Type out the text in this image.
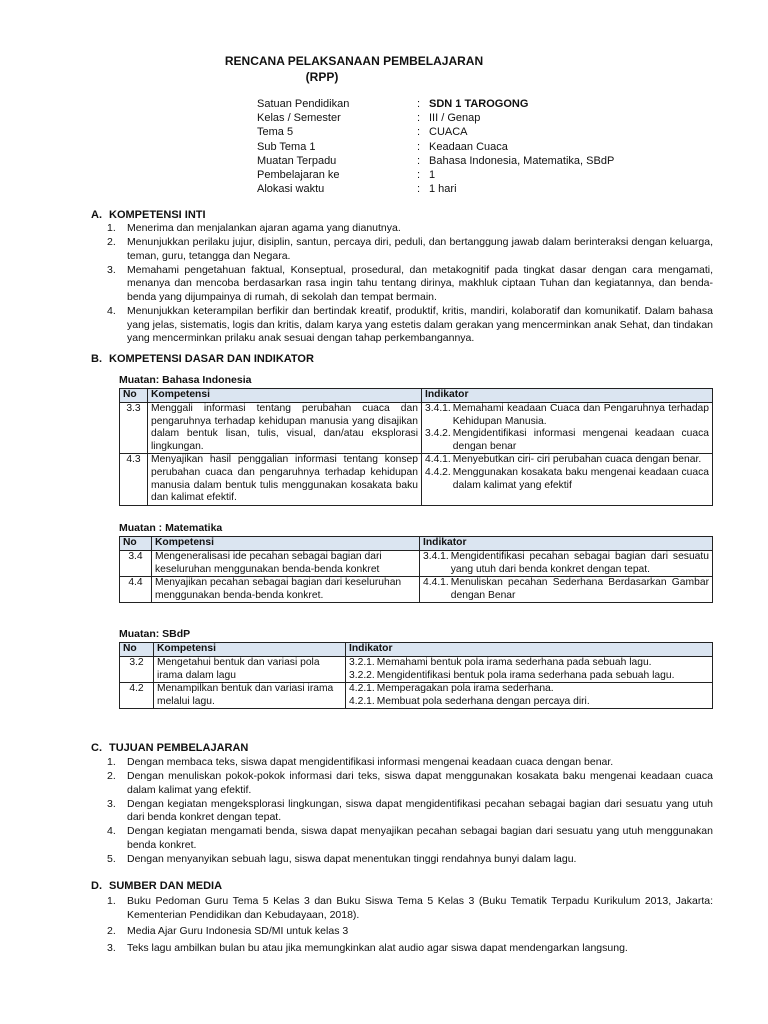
RENCANA PELAKSANAAN PEMBELAJARAN
(RPP)
Satuan Pendidikan	: SDN 1 TAROGONG
Kelas / Semester	: III / Genap
Tema 5	: CUACA
Sub Tema 1	: Keadaan Cuaca
Muatan Terpadu	: Bahasa Indonesia, Matematika, SBdP
Pembelajaran ke	: 1
Alokasi waktu	: 1 hari
A. KOMPETENSI INTI
1. Menerima dan menjalankan ajaran agama yang dianutnya.
2. Menunjukkan perilaku jujur, disiplin, santun, percaya diri, peduli, dan bertanggung jawab dalam berinteraksi dengan keluarga, teman, guru, tetangga dan Negara.
3. Memahami pengetahuan faktual, Konseptual, prosedural, dan metakognitif pada tingkat dasar dengan cara mengamati, menanya dan mencoba berdasarkan rasa ingin tahu tentang dirinya, makhluk ciptaan Tuhan dan kegiatannya, dan benda-benda yang dijumpainya di rumah, di sekolah dan tempat bermain.
4. Menunjukkan keterampilan berfikir dan bertindak kreatif, produktif, kritis, mandiri, kolaboratif dan komunikatif. Dalam bahasa yang jelas, sistematis, logis dan kritis, dalam karya yang estetis dalam gerakan yang mencerminkan anak Sehat, dan tindakan yang mencerminkan prilaku anak sesuai dengan tahap perkembangannya.
B. KOMPETENSI DASAR DAN INDIKATOR
Muatan: Bahasa Indonesia
No	Kompetensi	Indikator
3.3	Menggali informasi tentang perubahan cuaca dan pengaruhnya terhadap kehidupan manusia yang disajikan dalam bentuk lisan, tulis, visual, dan/atau eksplorasi lingkungan.	3.4.1. Memahami keadaan Cuaca dan Pengaruhnya terhadap Kehidupan Manusia.
3.4.2. Mengidentifikasi informasi mengenai keadaan cuaca dengan benar

4.3	Menyajikan hasil penggalian informasi tentang konsep perubahan cuaca dan pengaruhnya terhadap kehidupan manusia dalam bentuk tulis menggunakan kosakata baku dan kalimat efektif.	4.4.1. Menyebutkan ciri- ciri perubahan cuaca dengan benar.
4.4.2. Menggunakan kosakata baku mengenai keadaan cuaca dalam kalimat yang efektif
Muatan : Matematika
No	Kompetensi	Indikator
3.4	Mengeneralisasi ide pecahan sebagai bagian dari keseluruhan menggunakan benda-benda konkret	3.4.1. Mengidentifikasi pecahan sebagai bagian dari sesuatu yang utuh dari benda konkret dengan tepat.

4.4	Menyajikan pecahan sebagai bagian dari keseluruhan menggunakan benda-benda konkret.	4.4.1. Menuliskan pecahan Sederhana Berdasarkan Gambar dengan Benar
Muatan: SBdP
No	Kompetensi	Indikator
3.2	Mengetahui bentuk dan variasi pola irama dalam lagu	3.2.1. Memahami bentuk pola irama sederhana pada sebuah lagu.
3.2.2. Mengidentifikasi bentuk pola irama sederhana pada sebuah lagu.

4.2	Menampilkan bentuk dan variasi irama melalui lagu.	4.2.1. Memperagakan pola irama sederhana.
4.2.1. Membuat pola sederhana dengan percaya diri.
C. TUJUAN PEMBELAJARAN
1. Dengan membaca teks, siswa dapat mengidentifikasi informasi mengenai keadaan cuaca dengan benar.
2. Dengan menuliskan pokok-pokok informasi dari teks, siswa dapat menggunakan kosakata baku mengenai keadaan cuaca dalam kalimat yang efektif.
3. Dengan kegiatan mengeksplorasi lingkungan, siswa dapat mengidentifikasi pecahan sebagai bagian dari sesuatu yang utuh dari benda konkret dengan tepat.
4. Dengan kegiatan mengamati benda, siswa dapat menyajikan pecahan sebagai bagian dari sesuatu yang utuh menggunakan benda konkret.
5. Dengan menyanyikan sebuah lagu, siswa dapat menentukan tinggi rendahnya bunyi dalam lagu.
D. SUMBER DAN MEDIA
1. Buku Pedoman Guru Tema 5 Kelas 3 dan Buku Siswa Tema 5 Kelas 3 (Buku Tematik Terpadu Kurikulum 2013, Jakarta: Kementerian Pendidikan dan Kebudayaan, 2018).
2. Media Ajar Guru Indonesia SD/MI untuk kelas 3
3. Teks lagu ambilkan bulan bu atau jika memungkinkan alat audio agar siswa dapat mendengarkan langsung.
